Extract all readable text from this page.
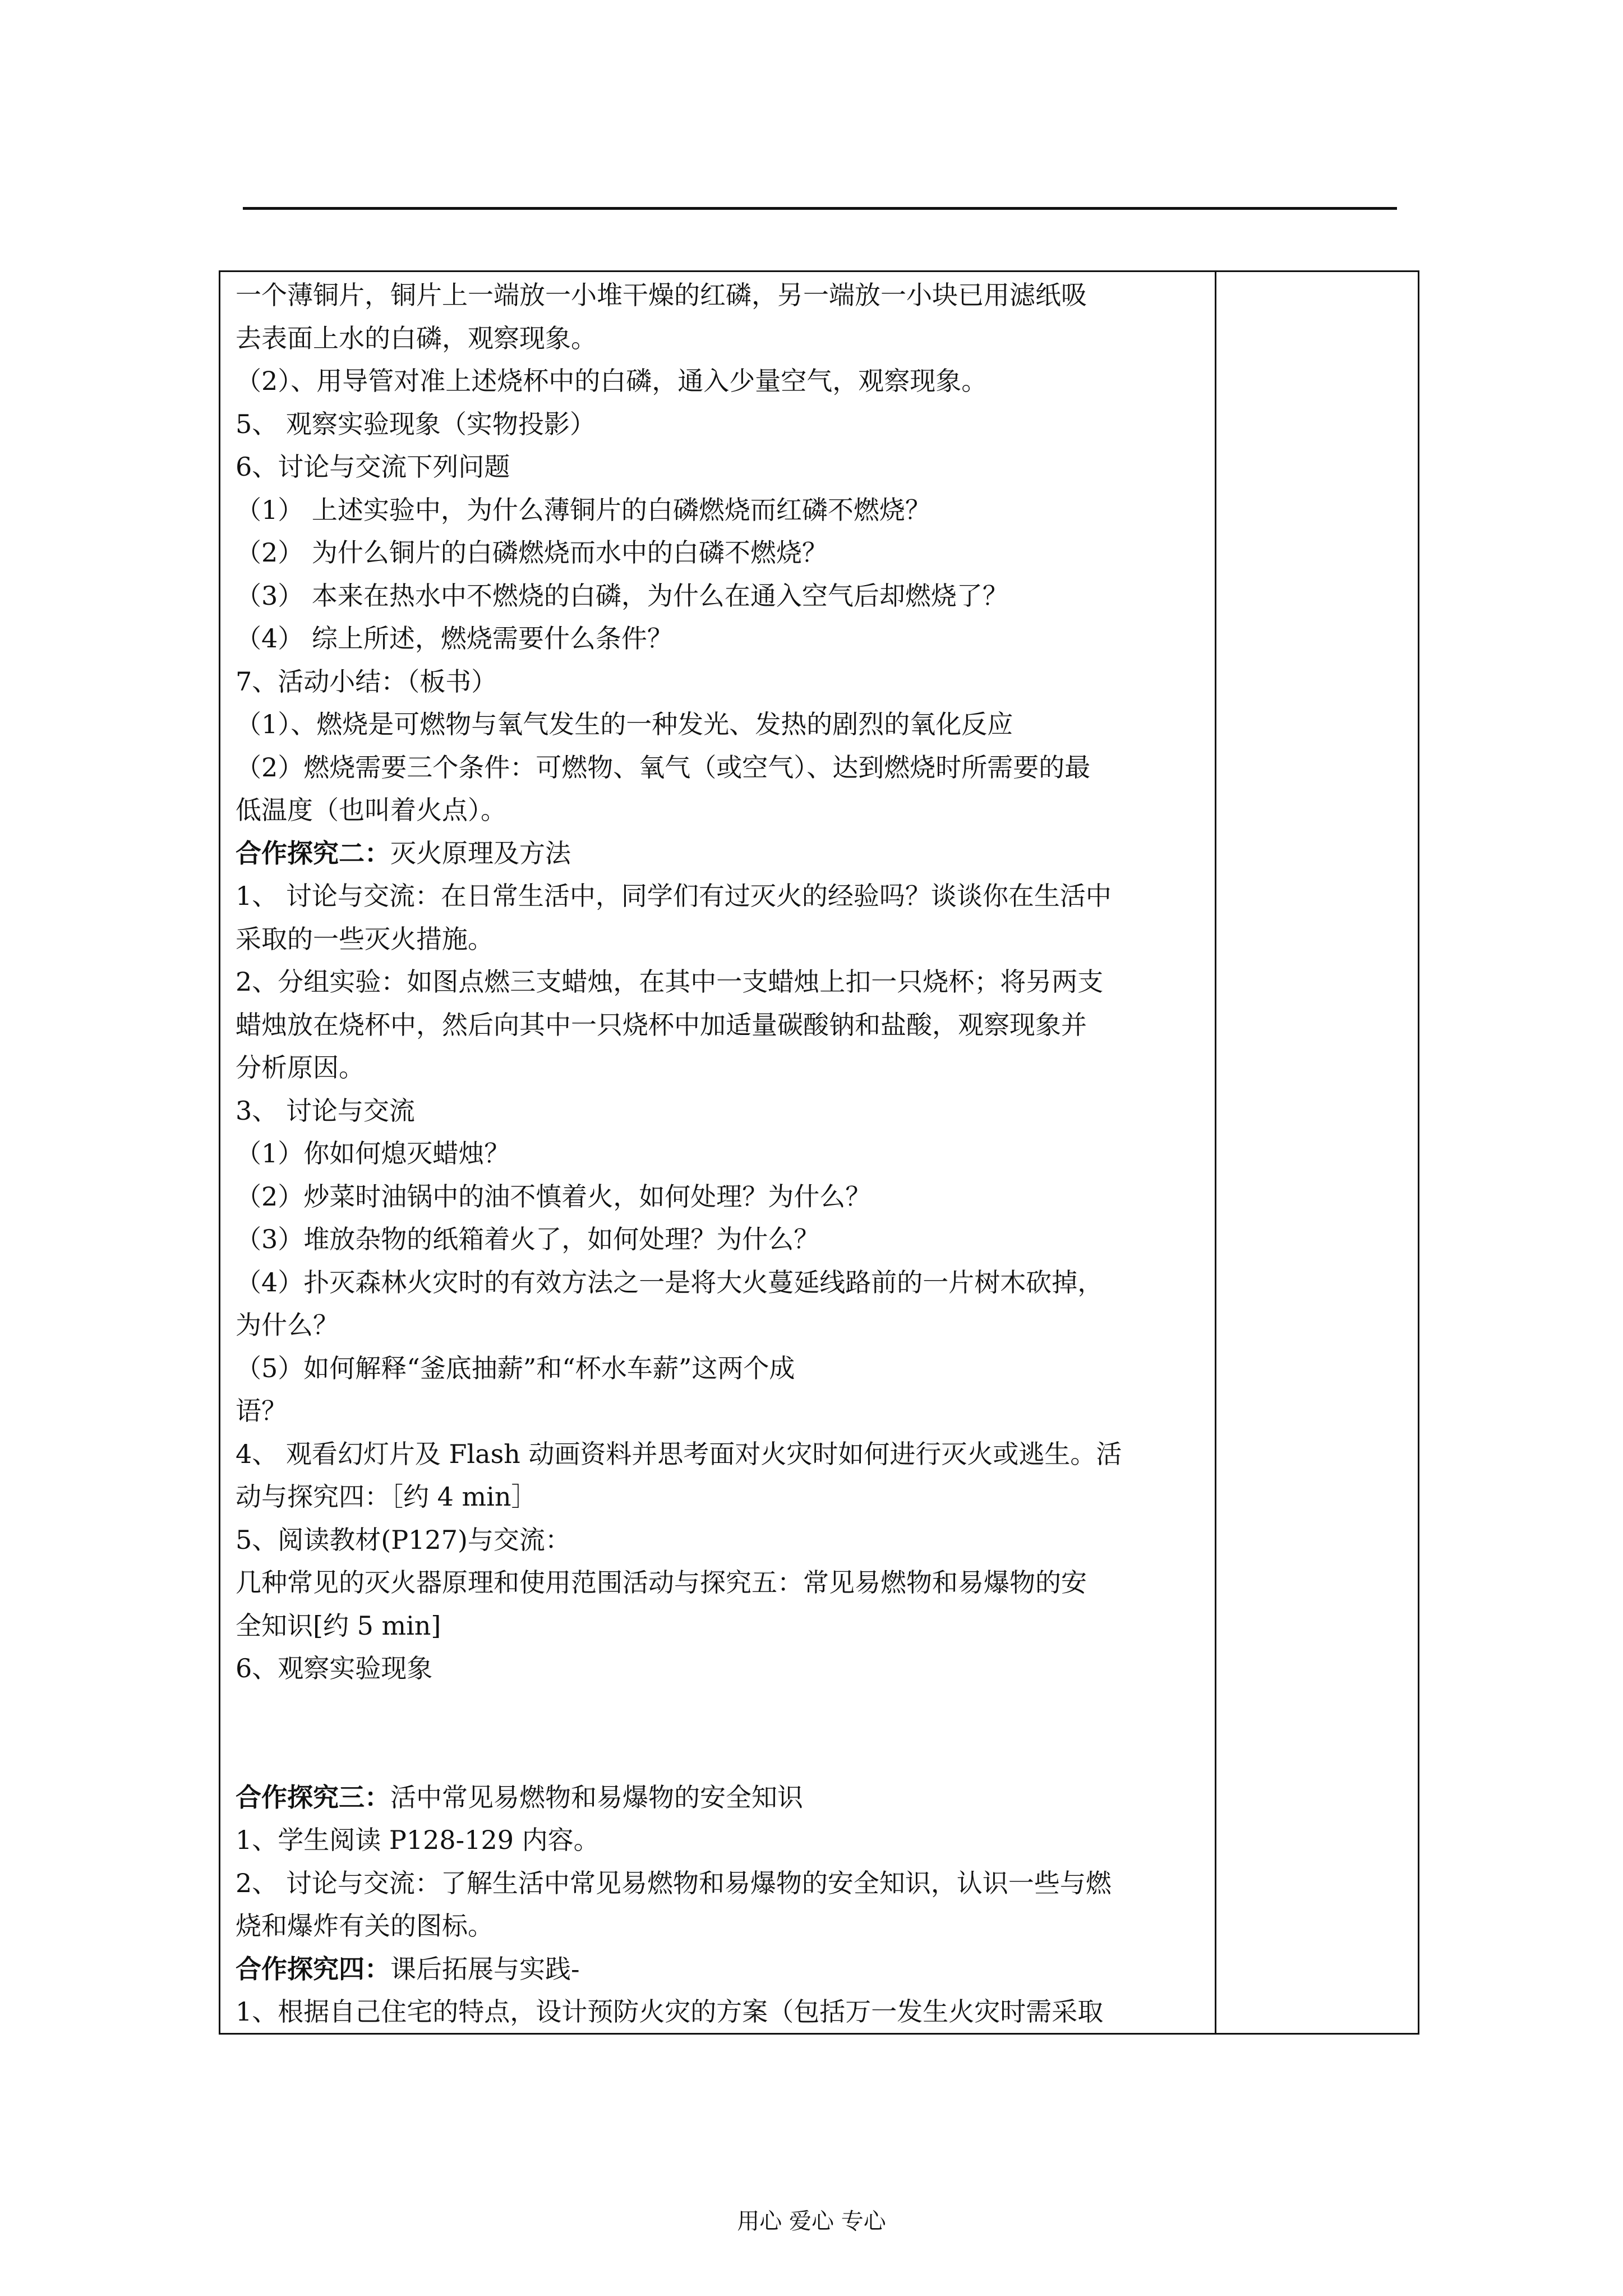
一个薄铜片，铜片上一端放一小堆干燥的红磷，另一端放一小块已用滤纸吸
去表面上水的白磷，观察现象。
（2）、用导管对准上述烧杯中的白磷，通入少量空气，观察现象。
5、 观察实验现象（实物投影）
6、讨论与交流下列问题
（1） 上述实验中，为什么薄铜片的白磷燃烧而红磷不燃烧？
（2） 为什么铜片的白磷燃烧而水中的白磷不燃烧？
（3） 本来在热水中不燃烧的白磷，为什么在通入空气后却燃烧了？
（4） 综上所述，燃烧需要什么条件？
7、活动小结：（板书）
（1）、燃烧是可燃物与氧气发生的一种发光、发热的剧烈的氧化反应
（2）燃烧需要三个条件：可燃物、氧气（或空气）、达到燃烧时所需要的最
低温度（也叫着火点）。
合作探究二：灭火原理及方法
1、 讨论与交流：在日常生活中，同学们有过灭火的经验吗？谈谈你在生活中
采取的一些灭火措施。
2、分组实验：如图点燃三支蜡烛，在其中一支蜡烛上扣一只烧杯；将另两支
蜡烛放在烧杯中，然后向其中一只烧杯中加适量碳酸钠和盐酸，观察现象并
分析原因。
3、 讨论与交流
（1）你如何熄灭蜡烛？
（2）炒菜时油锅中的油不慎着火，如何处理？为什么？
（3）堆放杂物的纸箱着火了，如何处理？为什么？
（4）扑灭森林火灾时的有效方法之一是将大火蔓延线路前的一片树木砍掉，
为什么？
（5）如何解释“釜底抽薪”和“杯水车薪”这两个成
语？
4、 观看幻灯片及 Flash 动画资料并思考面对火灾时如何进行灭火或逃生。活
动与探究四：［约 4 min］
5、阅读教材(P127)与交流：
几种常见的灭火器原理和使用范围活动与探究五：常见易燃物和易爆物的安
全知识[约 5 min]
6、观察实验现象
合作探究三：活中常见易燃物和易爆物的安全知识
1、学生阅读 P128-129 内容。
2、 讨论与交流：了解生活中常见易燃物和易爆物的安全知识，认识一些与燃
烧和爆炸有关的图标。
合作探究四：课后拓展与实践-
1、根据自己住宅的特点，设计预防火灾的方案（包括万一发生火灾时需采取
用心 爱心 专心
